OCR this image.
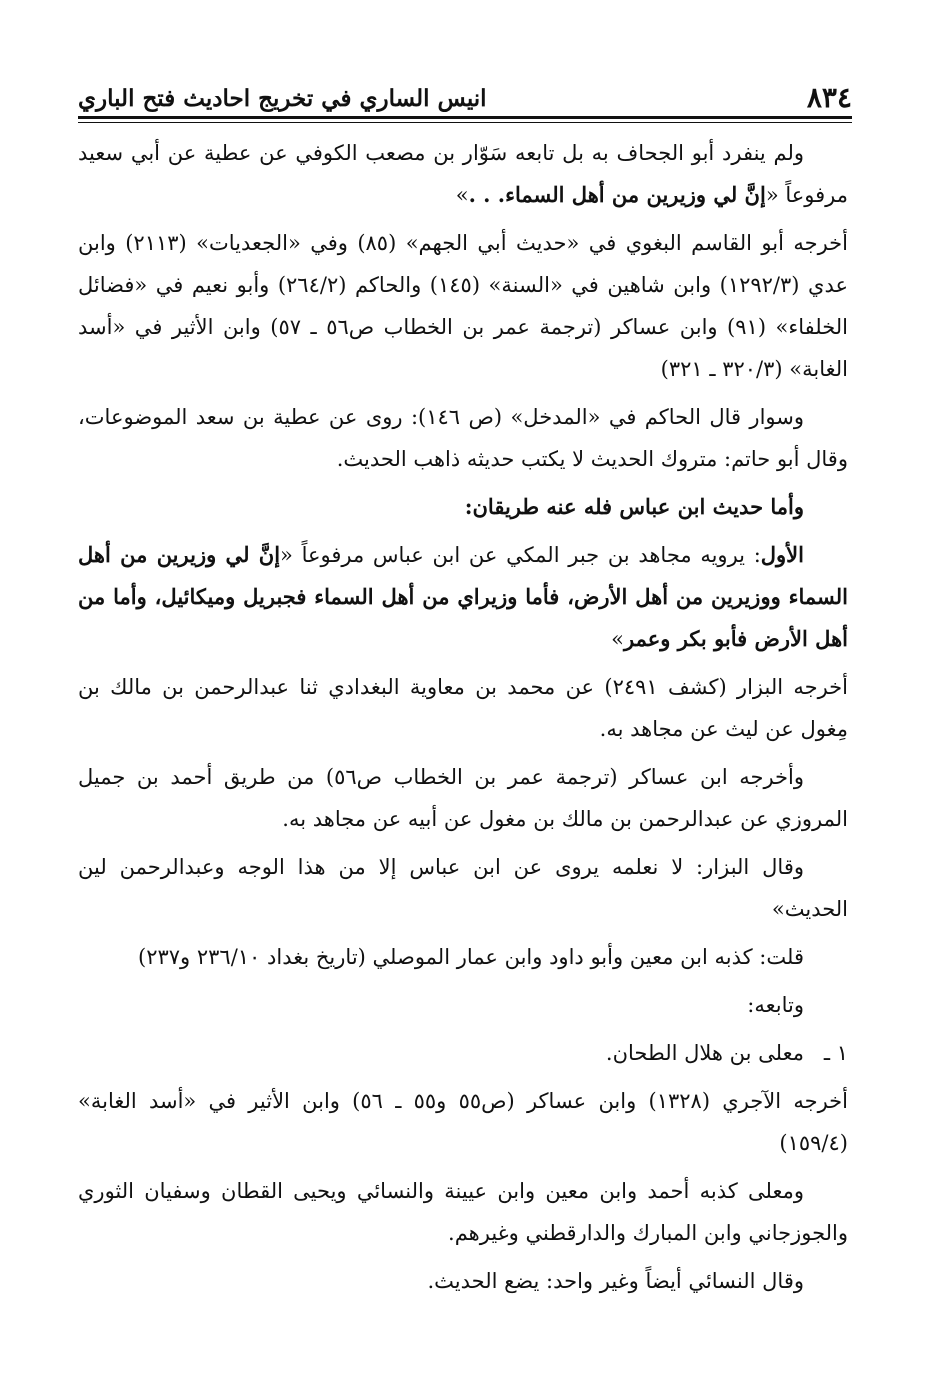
٨٣٤
انيس الساري في تخريج احاديث فتح الباري

ولم ينفرد أبو الجحاف به بل تابعه سَوّار بن مصعب الكوفي عن عطية عن أبي سعيد مرفوعاً «إنَّ لي وزيرين من أهل السماء. . .»

أخرجه أبو القاسم البغوي في «حديث أبي الجهم» (٨٥) وفي «الجعديات» (٢١١٣) وابن عدي (١٢٩٢/٣) وابن شاهين في «السنة» (١٤٥) والحاكم (٢٦٤/٢) وأبو نعيم في «فضائل الخلفاء» (٩١) وابن عساكر (ترجمة عمر بن الخطاب ص٥٦ ـ ٥٧) وابن الأثير في «أسد الغابة» (٣٢٠/٣ ـ ٣٢١)

وسوار قال الحاكم في «المدخل» (ص ١٤٦): روى عن عطية بن سعد الموضوعات، وقال أبو حاتم: متروك الحديث لا يكتب حديثه ذاهب الحديث.

وأما حديث ابن عباس فله عنه طريقان:

الأول: يرويه مجاهد بن جبر المكي عن ابن عباس مرفوعاً «إنَّ لي وزيرين من أهل السماء ووزيرين من أهل الأرض، فأما وزيراي من أهل السماء فجبريل وميكائيل، وأما من أهل الأرض فأبو بكر وعمر»

أخرجه البزار (كشف ٢٤٩١) عن محمد بن معاوية البغدادي ثنا عبدالرحمن بن مالك بن مِغول عن ليث عن مجاهد به.

وأخرجه ابن عساكر (ترجمة عمر بن الخطاب ص٥٦) من طريق أحمد بن جميل المروزي عن عبدالرحمن بن مالك بن مغول عن أبيه عن مجاهد به.

وقال البزار: لا نعلمه يروى عن ابن عباس إلا من هذا الوجه وعبدالرحمن لين الحديث»

قلت: كذبه ابن معين وأبو داود وابن عمار الموصلي (تاريخ بغداد ٢٣٦/١٠ و٢٣٧)

وتابعه:

١ ـمعلى بن هلال الطحان.

أخرجه الآجري (١٣٢٨) وابن عساكر (ص٥٥ و٥٥ ـ ٥٦) وابن الأثير في «أسد الغابة» (١٥٩/٤)

ومعلى كذبه أحمد وابن معين وابن عيينة والنسائي ويحيى القطان وسفيان الثوري والجوزجاني وابن المبارك والدارقطني وغيرهم.

وقال النسائي أيضاً وغير واحد: يضع الحديث.
